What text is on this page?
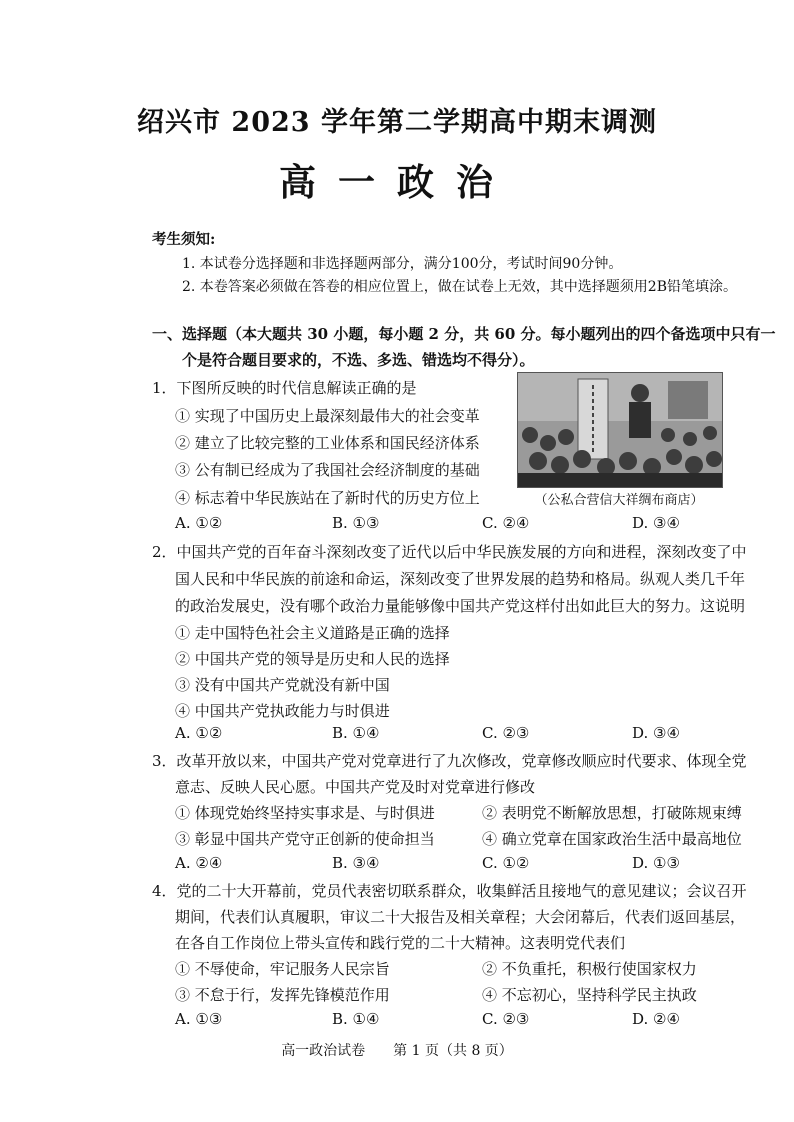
绍兴市 2023 学年第二学期高中期末调测
高一政治
考生须知:
1. 本试卷分选择题和非选择题两部分，满分100分，考试时间90分钟。
2. 本卷答案必须做在答卷的相应位置上，做在试卷上无效，其中选择题须用2B铅笔填涂。
一、选择题（本大题共 30 小题，每小题 2 分，共 60 分。每小题列出的四个备选项中只有一
个是符合题目要求的，不选、多选、错选均不得分）。
1．下图所反映的时代信息解读正确的是
① 实现了中国历史上最深刻最伟大的社会变革
② 建立了比较完整的工业体系和国民经济体系
③ 公有制已经成为了我国社会经济制度的基础
④ 标志着中华民族站在了新时代的历史方位上	（公私合营信大祥绸布商店）
A. ①②	B. ①③	C. ②④	D. ③④
2．中国共产党的百年奋斗深刻改变了近代以后中华民族发展的方向和进程，深刻改变了中
国人民和中华民族的前途和命运，深刻改变了世界发展的趋势和格局。纵观人类几千年
的政治发展史，没有哪个政治力量能够像中国共产党这样付出如此巨大的努力。这说明
① 走中国特色社会主义道路是正确的选择
② 中国共产党的领导是历史和人民的选择
③ 没有中国共产党就没有新中国
④ 中国共产党执政能力与时俱进
A. ①②	B. ①④	C. ②③	D. ③④
3．改革开放以来，中国共产党对党章进行了九次修改，党章修改顺应时代要求、体现全党
意志、反映人民心愿。中国共产党及时对党章进行修改
① 体现党始终坚持实事求是、与时俱进	② 表明党不断解放思想，打破陈规束缚
③ 彰显中国共产党守正创新的使命担当	④ 确立党章在国家政治生活中最高地位
A. ②④	B. ③④	C. ①②	D. ①③
4．党的二十大开幕前，党员代表密切联系群众，收集鲜活且接地气的意见建议；会议召开
期间，代表们认真履职，审议二十大报告及相关章程；大会闭幕后，代表们返回基层，
在各自工作岗位上带头宣传和践行党的二十大精神。这表明党代表们
① 不辱使命，牢记服务人民宗旨	② 不负重托，积极行使国家权力
③ 不怠于行，发挥先锋模范作用	④ 不忘初心，坚持科学民主执政
A. ①③	B. ①④	C. ②③	D. ②④
高一政治试卷　　第 1 页（共 8 页）
